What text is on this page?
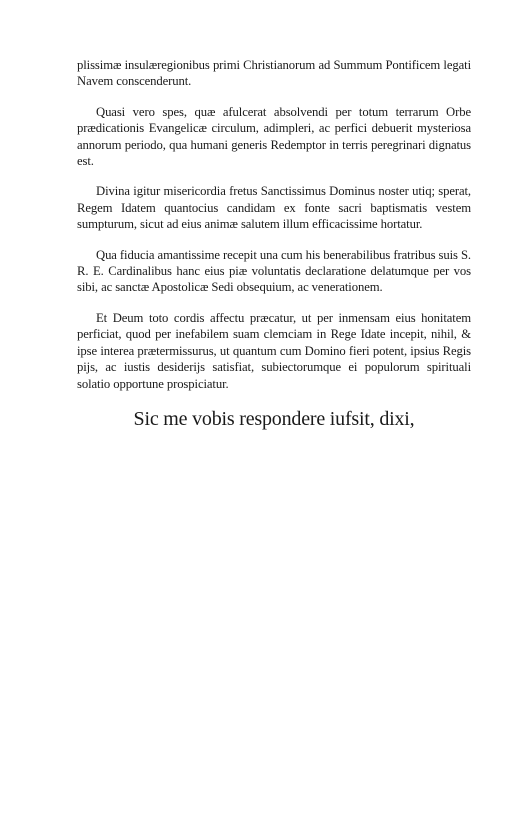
plissimæ insulæregionibus primi Christianorum ad Summum Pontificem legati Navem conscenderunt.

Quasi vero spes, quæ afulcerat absolvendi per totum terrarum Orbe prædicationis Evangelicæ circulum, adimpleri, ac perfici debuerit mysteriosa annorum periodo, qua humani generis Redemptor in terris peregrinari dignatus est.

Divina igitur misericordia fretus Sanctissimus Dominus noster utiq; sperat, Regem Idatem quantocius candidam ex fonte sacri baptismatis vestem sumpturum, sicut ad eius animæ salutem illum efficacissime hortatur.

Qua fiducia amantissime recepit una cum his benerabilibus fratribus suis S. R. E. Cardinalibus hanc eius piæ voluntatis declaratione delatumque per vos sibi, ac sanctæ Apostolicæ Sedi obsequium, ac venerationem.

Et Deum toto cordis affectu præcatur, ut per inmensam eius honitatem perficiat, quod per inefabilem suam clemciam in Rege Idate incepit, nihil, & ipse interea prætermissurus, ut quantum cum Domino fieri potent, ipsius Regis pijs, ac iustis desiderijs satisfiat, subiectorumque ei populorum spirituali solatio opportune prospiciatur.

Sic me vobis respondere iufsit, dixi,
